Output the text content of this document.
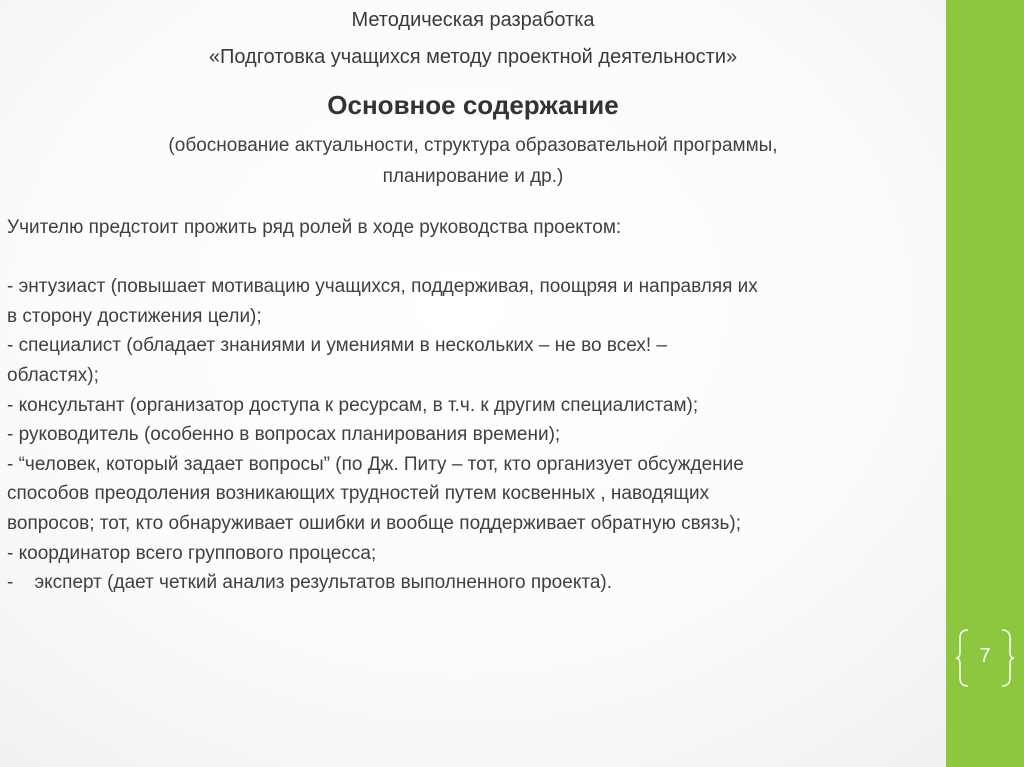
Методическая разработка
«Подготовка учащихся методу проектной деятельности»
Основное содержание
(обоснование актуальности, структура образовательной программы,
планирование и др.)

Учителю предстоит прожить ряд ролей в ходе руководства проектом:

- энтузиаст (повышает мотивацию учащихся, поддерживая, поощряя и направляя их

в сторону достижения цели);

- специалист (обладает знаниями и умениями в нескольких – не во всех! –

областях);

- консультант (организатор доступа к ресурсам, в т.ч. к другим специалистам);

- руководитель (особенно в вопросах планирования времени);

- “человек, который задает вопросы” (по Дж. Питу – тот, кто организует обсуждение

способов преодоления возникающих трудностей путем косвенных , наводящих

вопросов; тот, кто обнаруживает ошибки и вообще поддерживает обратную связь);

- координатор всего группового процесса;

-    эксперт (дает четкий анализ результатов выполненного проекта).

7
